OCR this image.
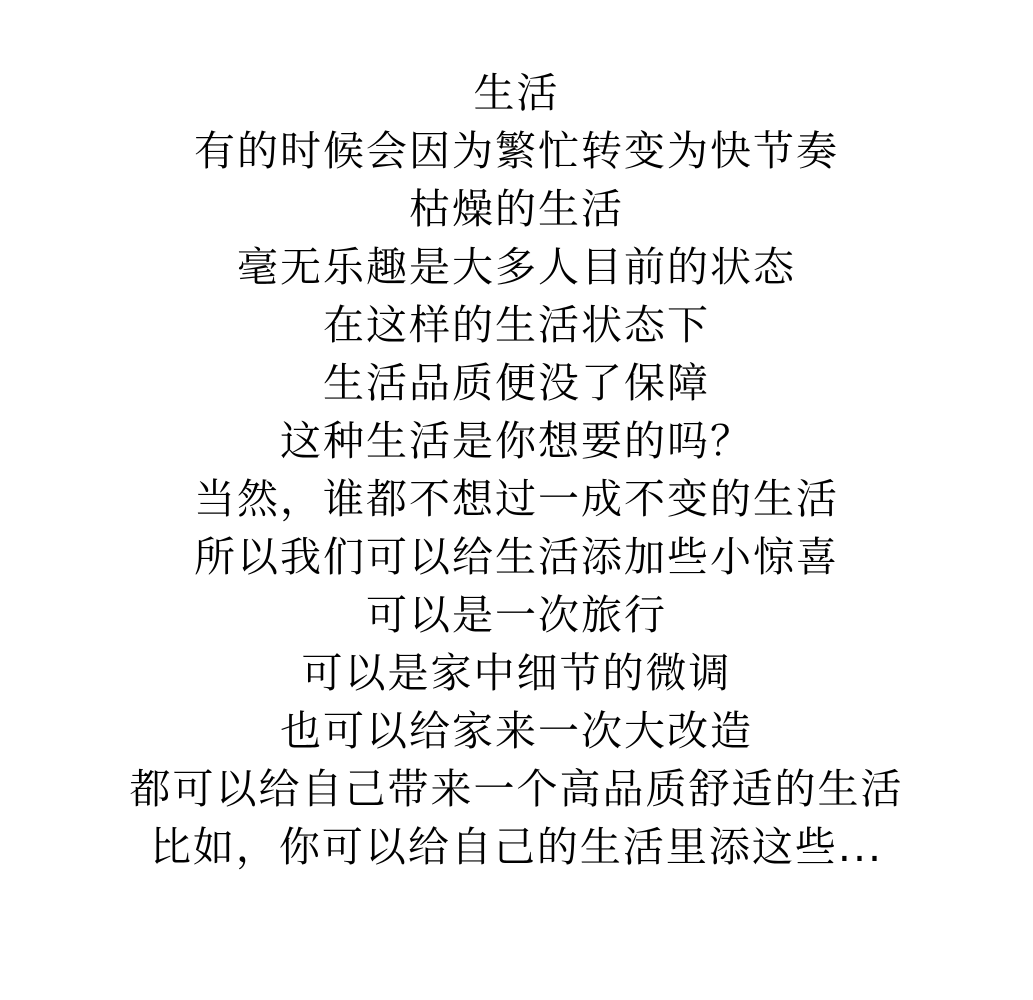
生活

有的时候会因为繁忙转变为快节奏

枯燥的生活

毫无乐趣是大多人目前的状态

在这样的生活状态下

生活品质便没了保障

这种生活是你想要的吗？

当然，谁都不想过一成不变的生活

所以我们可以给生活添加些小惊喜

可以是一次旅行

可以是家中细节的微调

也可以给家来一次大改造

都可以给自己带来一个高品质舒适的生活

比如，你可以给自己的生活里添这些...
